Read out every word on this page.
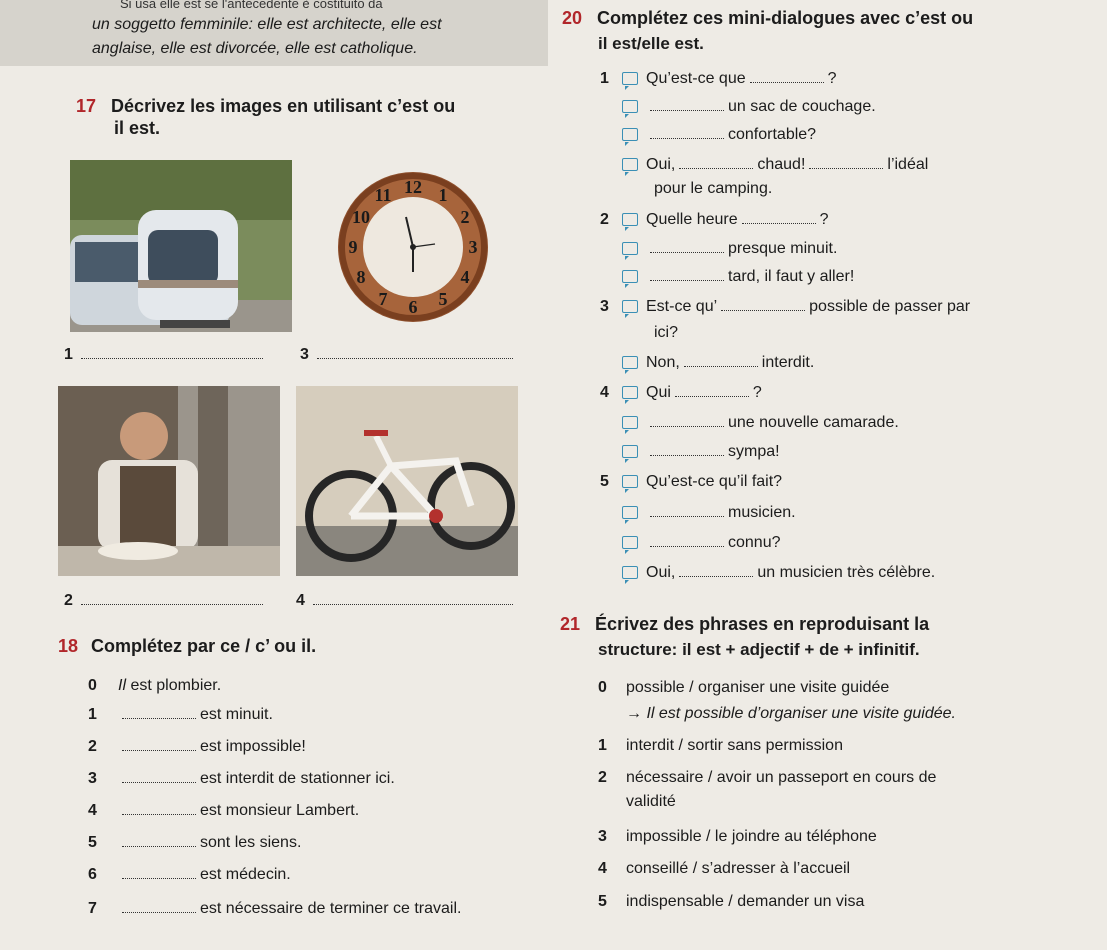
Si usa elle est se l'antecedente è costituito da
un soggetto femminile: elle est architecte, elle est
anglaise, elle est divorcée, elle est catholique.
17 Décrivez les images en utilisant c’est ou
il est.
12 1
2
3
4
5
6
7
8
9
10
11
1	3
2	4
18 Complétez par ce / c’ ou il.
0 Il est plombier.
1	est minuit.
2	est impossible!
3	est interdit de stationner ici.
4	est monsieur Lambert.
5	sont les siens.
6	est médecin.
7	est nécessaire de terminer ce travail.
20 Complétez ces mini-dialogues avec c’est ou
il est/elle est.
1 Qu’est-ce que	?
un sac de couchage.
confortable?
Oui,	chaud!	l’idéal
pour le camping.
2 Quelle heure	?
presque minuit.
tard, il faut y aller!
3 Est-ce qu’	possible de passer par
ici?
Non,	interdit.
4 Qui	?
une nouvelle camarade.
sympa!
5 Qu’est-ce qu’il fait?
musicien.
connu?
Oui,	un musicien très célèbre.
21 Écrivez des phrases en reproduisant la
structure: il est + adjectif + de + infinitif.
0 possible / organiser une visite guidée
→ Il est possible d’organiser une visite guidée.
1 interdit / sortir sans permission
2 nécessaire / avoir un passeport en cours de
validité
3 impossible / le joindre au téléphone
4 conseillé / s’adresser à l’accueil
5 indispensable / demander un visa
